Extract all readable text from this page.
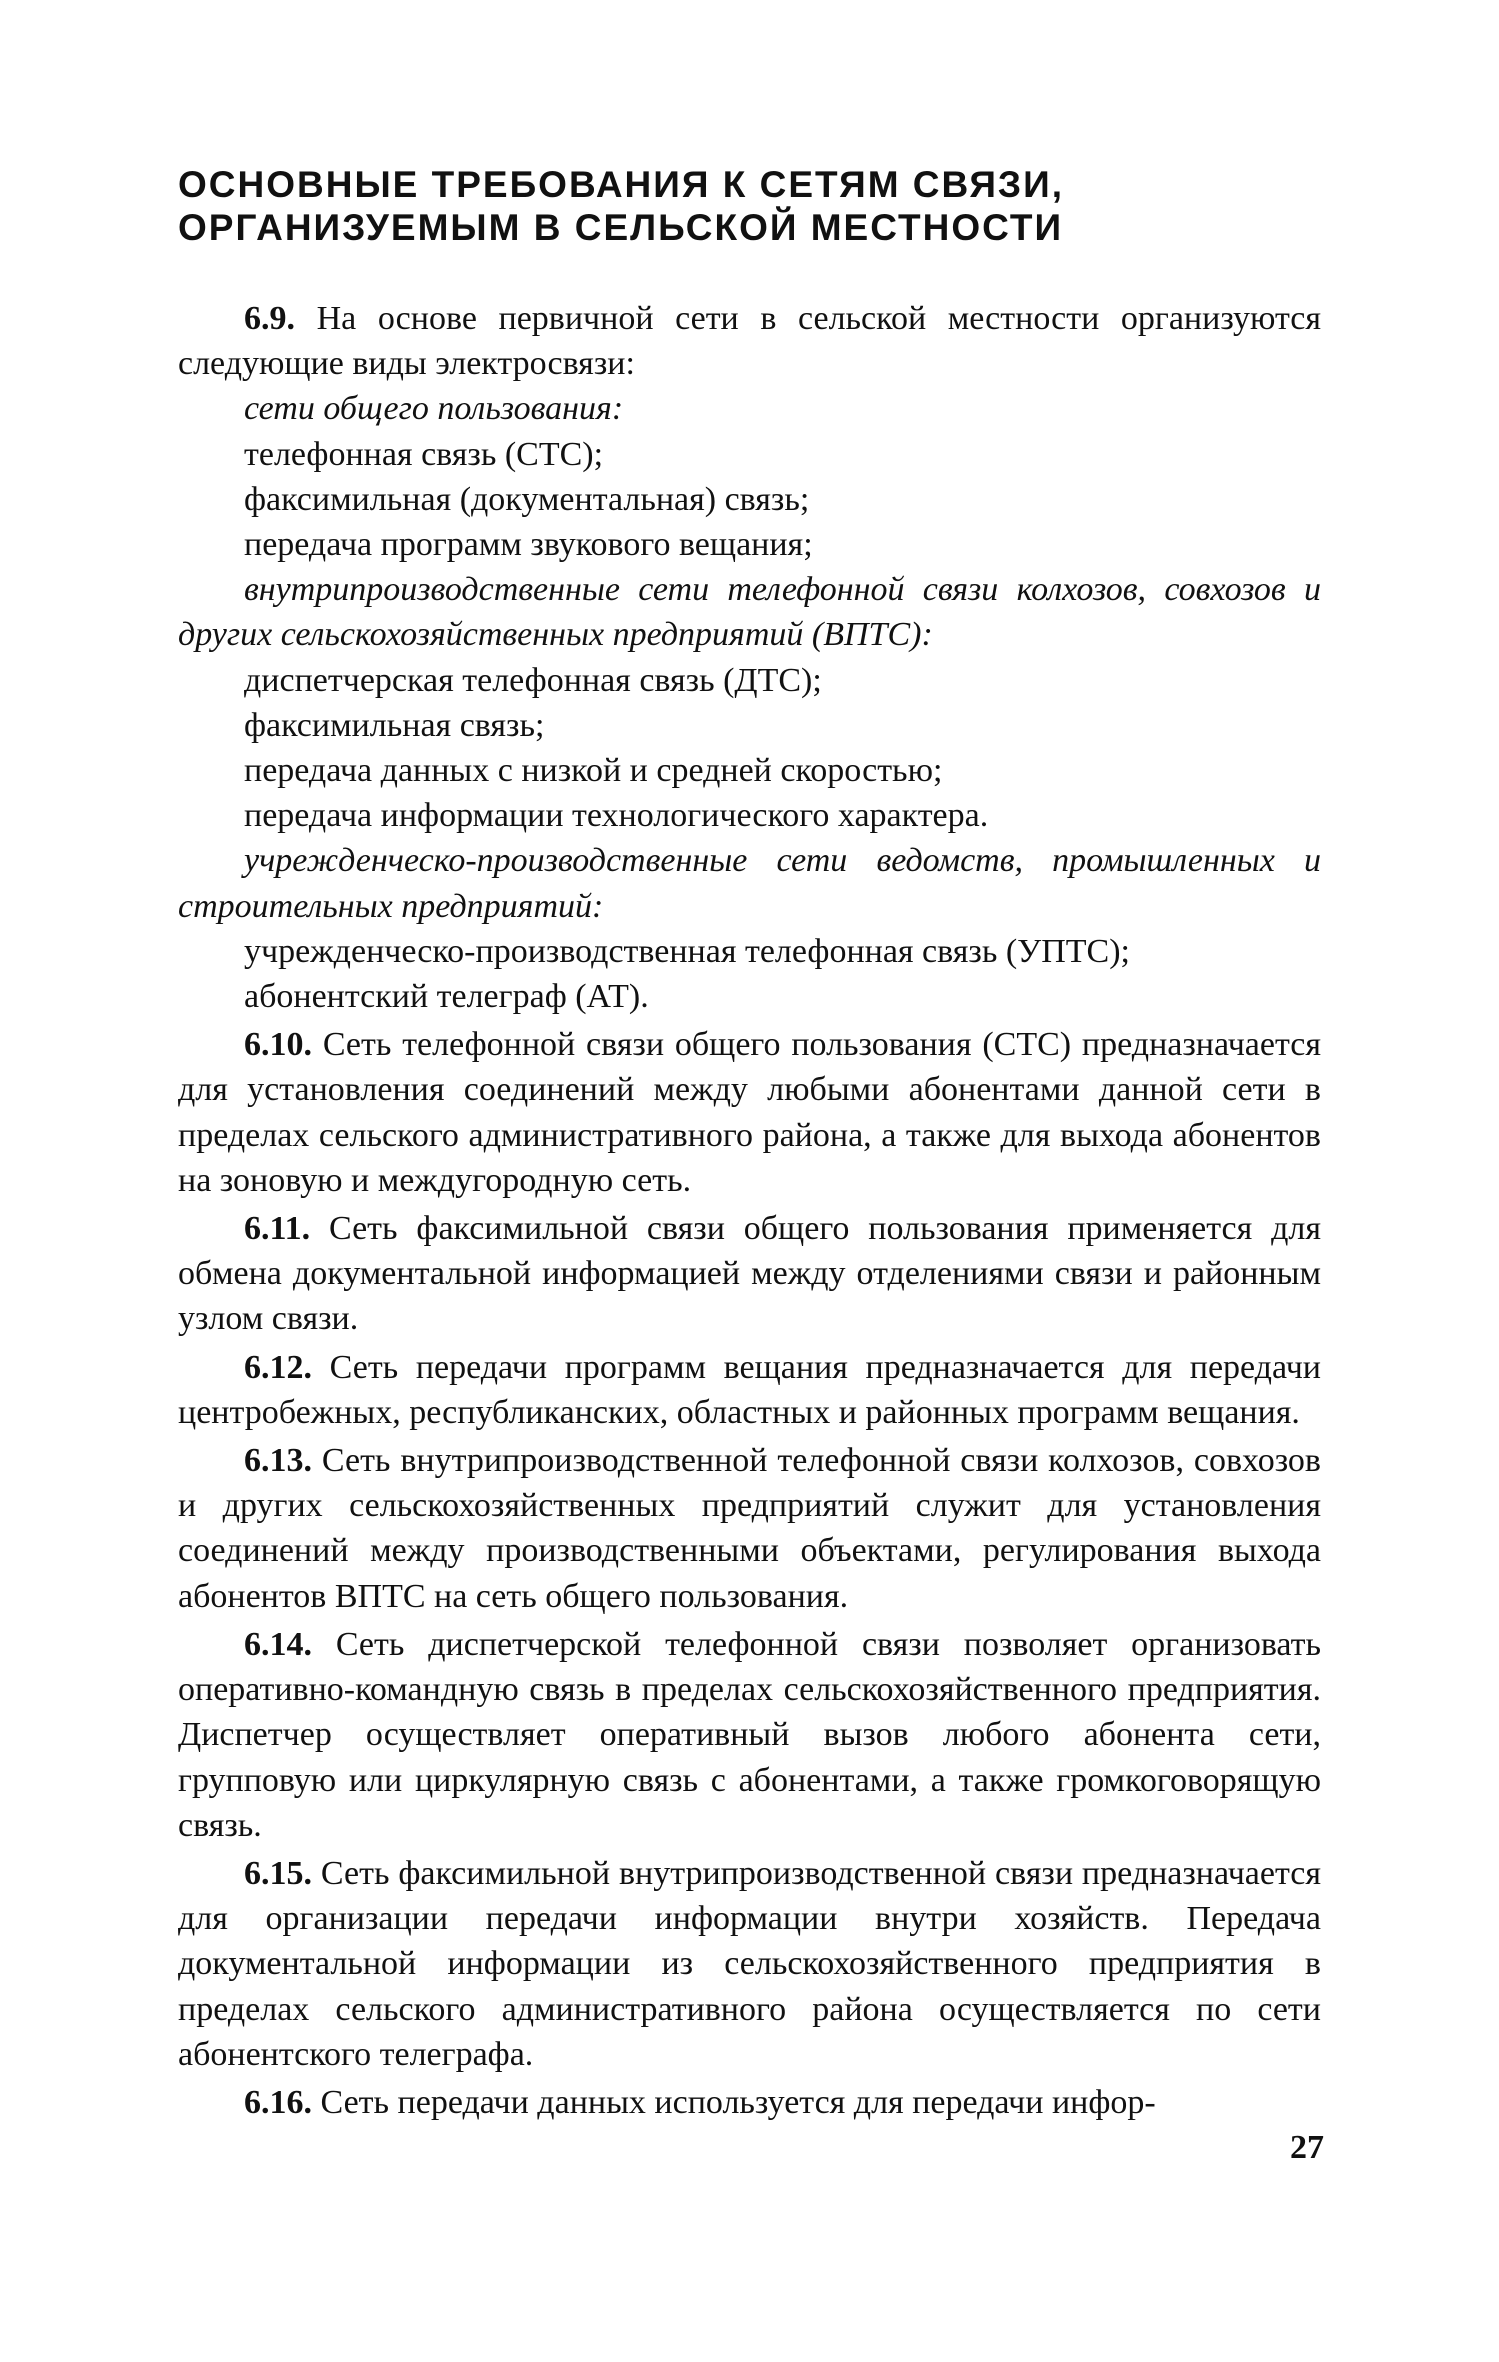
ОСНОВНЫЕ ТРЕБОВАНИЯ К СЕТЯМ СВЯЗИ,
ОРГАНИЗУЕМЫМ В СЕЛЬСКОЙ МЕСТНОСТИ

6.9. На основе первичной сети в сельской местности организуются следующие виды электросвязи:

сети общего пользования:
телефонная связь (СТС);
факсимильная (документальная) связь;
передача программ звукового вещания;

внутрипроизводственные сети телефонной связи колхозов, совхозов и других сельскохозяйственных предприятий (ВПТС):

диспетчерская телефонная связь (ДТС);
факсимильная связь;
передача данных с низкой и средней скоростью;
передача информации технологического характера.

учрежденческо-производственные сети ведомств, промышленных и строительных предприятий:

учрежденческо-производственная телефонная связь (УПТС);
абонентский телеграф (АТ).

6.10. Сеть телефонной связи общего пользования (СТС) предназначается для установления соединений между любыми абонентами данной сети в пределах сельского административного района, а также для выхода абонентов на зоновую и междугородную сеть.

6.11. Сеть факсимильной связи общего пользования применяется для обмена документальной информацией между отделениями связи и районным узлом связи.

6.12. Сеть передачи программ вещания предназначается для передачи центробежных, республиканских, областных и районных программ вещания.

6.13. Сеть внутрипроизводственной телефонной связи колхозов, совхозов и других сельскохозяйственных предприятий служит для установления соединений между производственными объектами, регулирования выхода абонентов ВПТС на сеть общего пользования.

6.14. Сеть диспетчерской телефонной связи позволяет организовать оперативно-командную связь в пределах сельскохозяйственного предприятия. Диспетчер осуществляет оперативный вызов любого абонента сети, групповую или циркулярную связь с абонентами, а также громкоговорящую связь.

6.15. Сеть факсимильной внутрипроизводственной связи предназначается для организации передачи информации внутри хозяйств. Передача документальной информации из сельскохозяйственного предприятия в пределах сельского административного района осуществляется по сети абонентского телеграфа.

6.16. Сеть передачи данных используется для передачи инфор-

27
